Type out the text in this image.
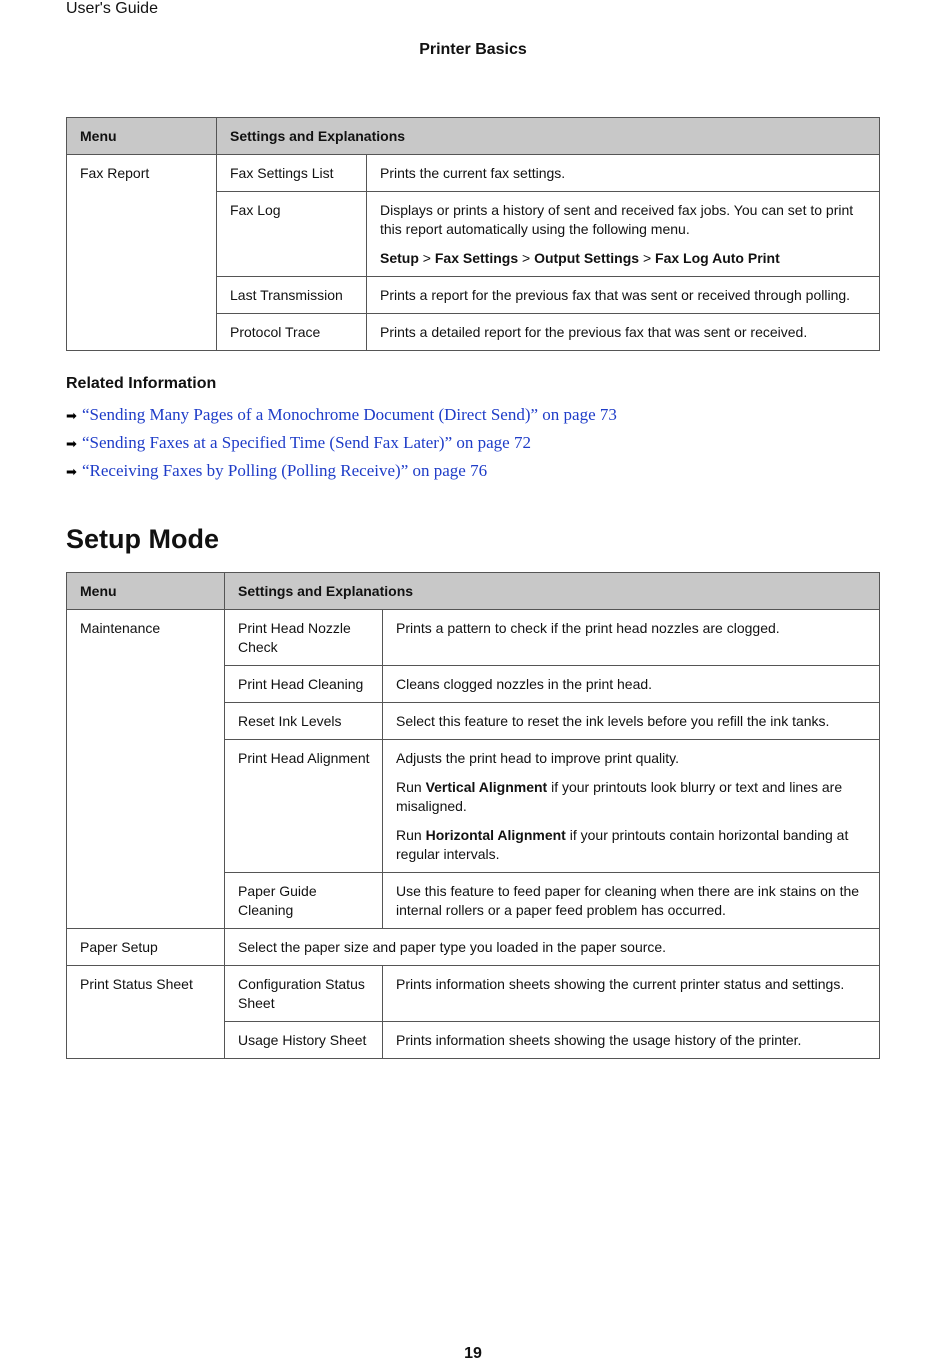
User's Guide
Printer Basics
Menu	Settings and Explanations	
Fax Report	Fax Settings List	Prints the current fax settings.
	Fax Log	Displays or prints a history of sent and received fax jobs. You can set to print this report automatically using the following menu.

Setup > Fax Settings > Output Settings > Fax Log Auto Print

	Last Transmission	Prints a report for the previous fax that was sent or received through polling.
	Protocol Trace	Prints a detailed report for the previous fax that was sent or received.
Related Information
➡ “Sending Many Pages of a Monochrome Document (Direct Send)” on page 73
➡ “Sending Faxes at a Specified Time (Send Fax Later)” on page 72
➡ “Receiving Faxes by Polling (Polling Receive)” on page 76
Setup Mode
Menu	Settings and Explanations	
Maintenance	Print Head Nozzle Check	Prints a pattern to check if the print head nozzles are clogged.
	Print Head Cleaning	Cleans clogged nozzles in the print head.
	Reset Ink Levels	Select this feature to reset the ink levels before you refill the ink tanks.
	Print Head Alignment	Adjusts the print head to improve print quality.

Run Vertical Alignment if your printouts look blurry or text and lines are misaligned.

Run Horizontal Alignment if your printouts contain horizontal banding at regular intervals.

	Paper Guide Cleaning	Use this feature to feed paper for cleaning when there are ink stains on the internal rollers or a paper feed problem has occurred.
Paper Setup	Select the paper size and paper type you loaded in the paper source.	
Print Status Sheet	Configuration Status Sheet	Prints information sheets showing the current printer status and settings.
	Usage History Sheet	Prints information sheets showing the usage history of the printer.
19
